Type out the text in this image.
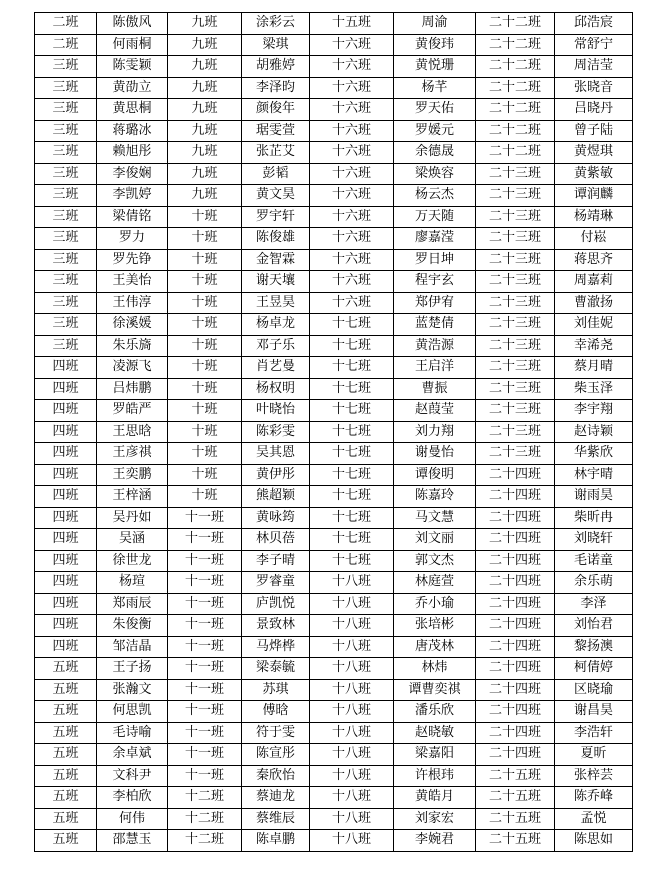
二班	陈傲风	九班	涂彩云	十五班	周渝	二十二班	邱浩宸
二班	何雨桐	九班	梁琪	十六班	黄俊玮	二十二班	常舒宁
三班	陈雯颖	九班	胡雅婷	十六班	黄悦珊	二十二班	周洁莹
三班	黄劭立	九班	李泽昀	十六班	杨芊	二十二班	张晓音
三班	黄思桐	九班	颜俊年	十六班	罗天佑	二十二班	吕晓丹
三班	蒋璐冰	九班	琚雯萱	十六班	罗媛元	二十二班	曾子陆
三班	赖旭彤	九班	张芷艾	十六班	余德晟	二十二班	黄煜琪
三班	李俊娴	九班	彭韬	十六班	梁焕容	二十三班	黄紫敏
三班	李凯婷	九班	黄文昊	十六班	杨云杰	二十三班	谭润麟
三班	梁倩铭	十班	罗宇轩	十六班	万天随	二十三班	杨靖琳
三班	罗力	十班	陈俊雄	十六班	廖嘉滢	二十三班	付崧
三班	罗先铮	十班	金智霖	十六班	罗日坤	二十三班	蒋思齐
三班	王美怡	十班	谢天壤	十六班	程宇玄	二十三班	周嘉莉
三班	王伟淳	十班	王昱昊	十六班	郑伊宥	二十三班	曹澈扬
三班	徐溪媛	十班	杨卓龙	十七班	蓝楚倩	二十三班	刘佳妮
三班	朱乐旖	十班	邓子乐	十七班	黄浩源	二十三班	幸浠尧
四班	凌源飞	十班	肖艺曼	十七班	王启洋	二十三班	蔡月晴
四班	吕炜鹏	十班	杨权明	十七班	曹振	二十三班	柴玉泽
四班	罗皓严	十班	叶晓怡	十七班	赵葭莹	二十三班	李宇翔
四班	王思晗	十班	陈彩雯	十七班	刘力翔	二十三班	赵诗颖
四班	王彦祺	十班	吴其恩	十七班	谢曼怡	二十三班	华紫欣
四班	王奕鹏	十班	黄伊彤	十七班	谭俊明	二十四班	林宇晴
四班	王梓涵	十班	熊超颖	十七班	陈嘉玲	二十四班	谢雨昊
四班	吴丹如	十一班	黄咏筠	十七班	马文慧	二十四班	柴昕冉
四班	吴涵	十一班	林贝蓓	十七班	刘文丽	二十四班	刘晓轩
四班	徐世龙	十一班	李子晴	十七班	郭文杰	二十四班	毛诺童
四班	杨瑄	十一班	罗睿童	十八班	林庭萱	二十四班	余乐萌
四班	郑雨辰	十一班	庐凯悦	十八班	乔小瑜	二十四班	李泽
四班	朱俊衡	十一班	景致林	十八班	张培彬	二十四班	刘怡君
四班	邹洁晶	十一班	马烨桦	十八班	唐茂林	二十四班	黎扬澳
五班	王子扬	十一班	梁泰毓	十八班	林炜	二十四班	柯倩婷
五班	张瀚文	十一班	苏琪	十八班	谭曹奕祺	二十四班	区晓瑜
五班	何思凯	十一班	傅晗	十八班	潘乐欣	二十四班	谢昌昊
五班	毛诗喻	十一班	符于雯	十八班	赵晓敏	二十四班	李浩轩
五班	余卓斌	十一班	陈宣彤	十八班	梁嘉阳	二十四班	夏昕
五班	文科尹	十一班	秦欣怡	十八班	许根玮	二十五班	张梓芸
五班	李柏欣	十二班	蔡迪龙	十八班	黄皓月	二十五班	陈乔峰
五班	何伟	十二班	蔡维辰	十八班	刘家宏	二十五班	孟悦
五班	邵慧玉	十二班	陈卓鹏	十八班	李婉君	二十五班	陈思如
